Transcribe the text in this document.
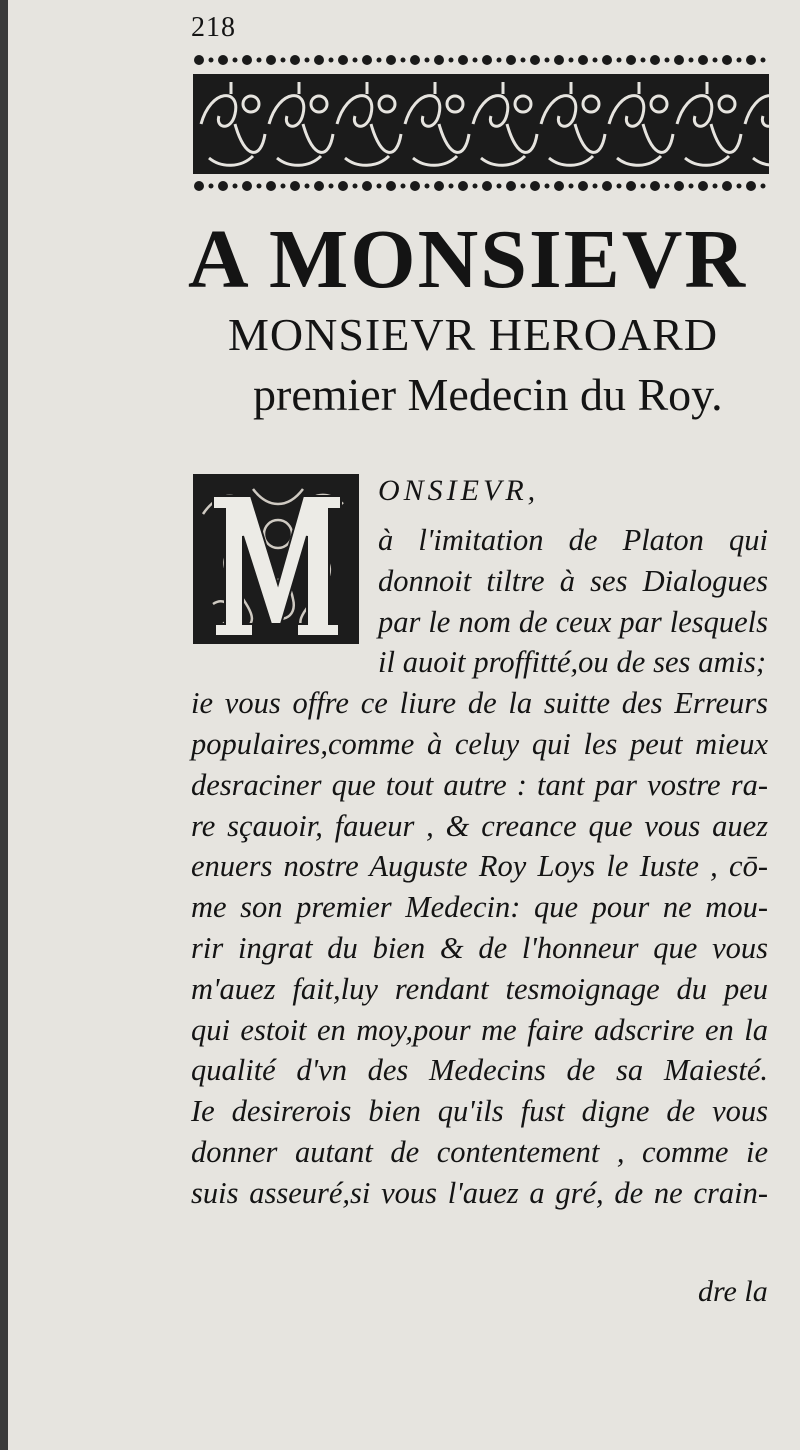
218
A MONSIEVR
MONSIEVR HEROARD
premier Medecin du Roy.
ONSIEVR,
à l'imitation de Platon qui
donnoit tiltre à ses Dialogues
par le nom de ceux par lesquels
il auoit proffitté,ou de ses amis;
ie vous offre ce liure de la suitte des Erreurs
populaires,comme à celuy qui les peut mieux
desraciner que tout autre : tant par vostre ra-
re sçauoir, faueur , & creance que vous auez
enuers nostre Auguste Roy Loys le Iuste , cō-
me son premier Medecin: que pour ne mou-
rir ingrat du bien & de l'honneur que vous
m'auez fait,luy rendant tesmoignage du peu
qui estoit en moy,pour me faire adscrire en la
qualité d'vn des Medecins de sa Maiesté.
Ie desirerois bien qu'ils fust digne de vous
donner autant de contentement , comme ie
suis asseuré,si vous l'auez a gré, de ne crain-
dre la
